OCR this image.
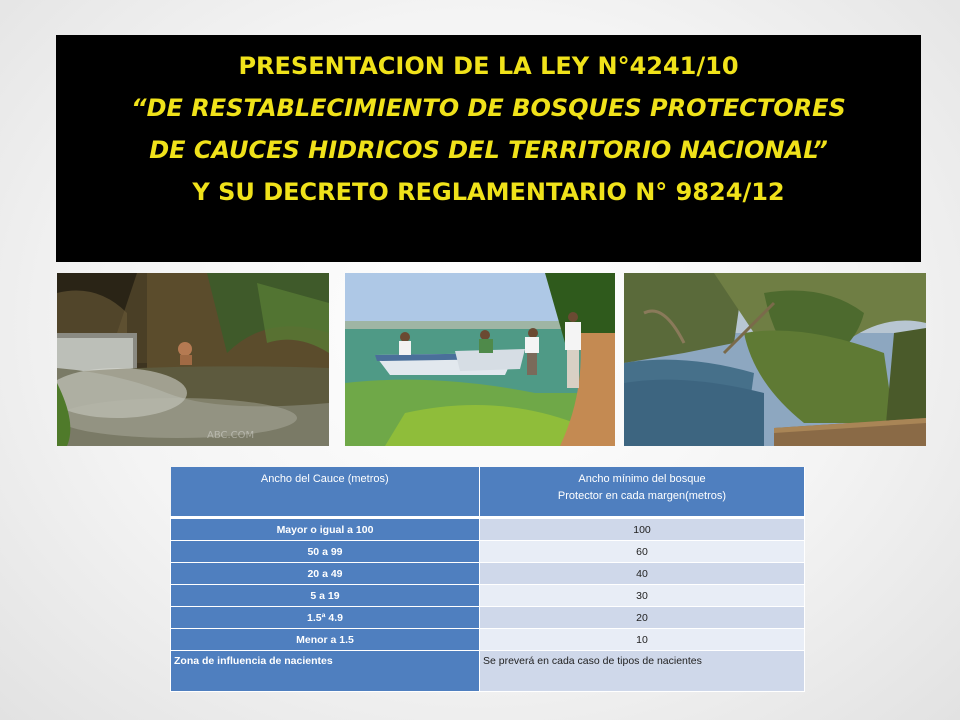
PRESENTACION DE LA LEY N°4241/10
“DE RESTABLECIMIENTO DE BOSQUES PROTECTORES
DE CAUCES HIDRICOS DEL TERRITORIO NACIONAL”
Y SU DECRETO REGLAMENTARIO N° 9824/12
ABC.COM
Ancho del Cauce (metros)	Ancho mínimo del bosque
Protector en cada margen(metros)

Mayor o igual a 100	100
50 a 99	60
20 a 49	40
5 a 19	30
1.5ª 4.9	20
Menor a 1.5	10
Zona de influencia de nacientes	Se preverá en cada caso de tipos de nacientes
